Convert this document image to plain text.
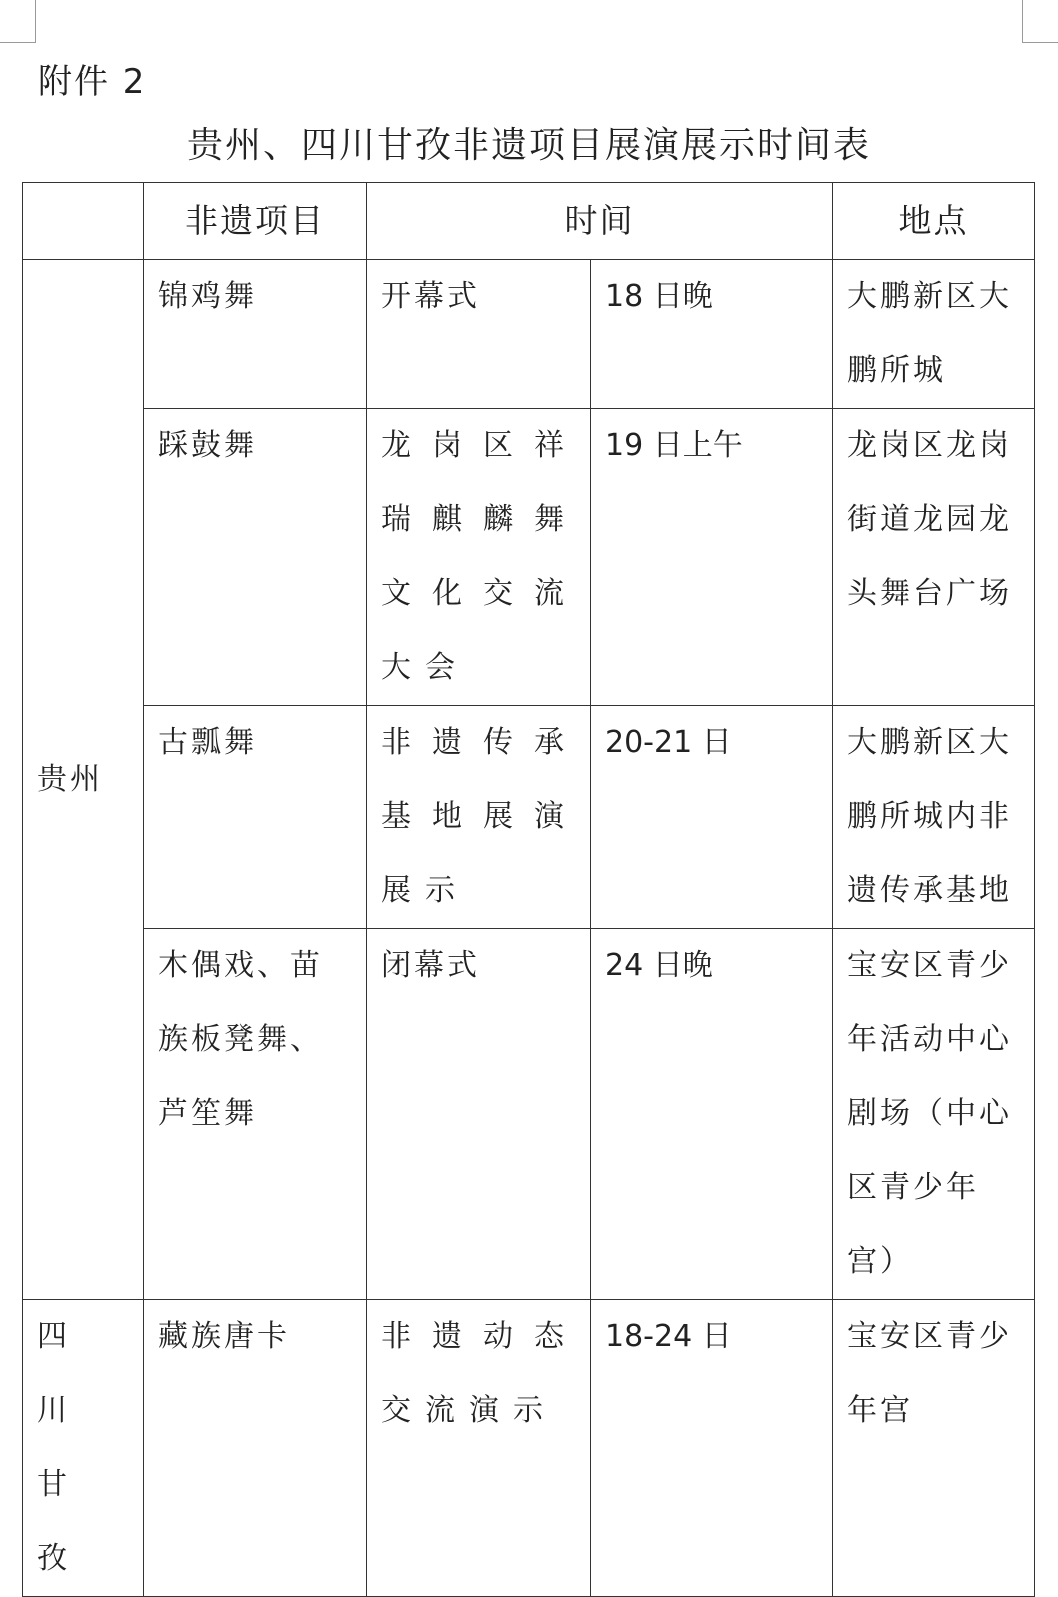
附件 2
贵州、四川甘孜非遗项目展演展示时间表
	非遗项目	时间		地点
贵州	锦鸡舞	开幕式	18 日晚	大鹏新区大鹏所城

	踩鼓舞	龙岗区祥瑞麒麟舞文化交流大会	19 日上午	龙岗区龙岗街道龙园龙头舞台广场

	古瓢舞	非遗传承基地展演展示	20-21 日	大鹏新区大鹏所城内非遗传承基地

	木偶戏、苗族板凳舞、芦笙舞	闭幕式	24 日晚	宝安区青少年活动中心剧场（中心区青少年宫）

四川甘孜	藏族唐卡	非遗动态交流演示	18-24 日	宝安区青少年宫
